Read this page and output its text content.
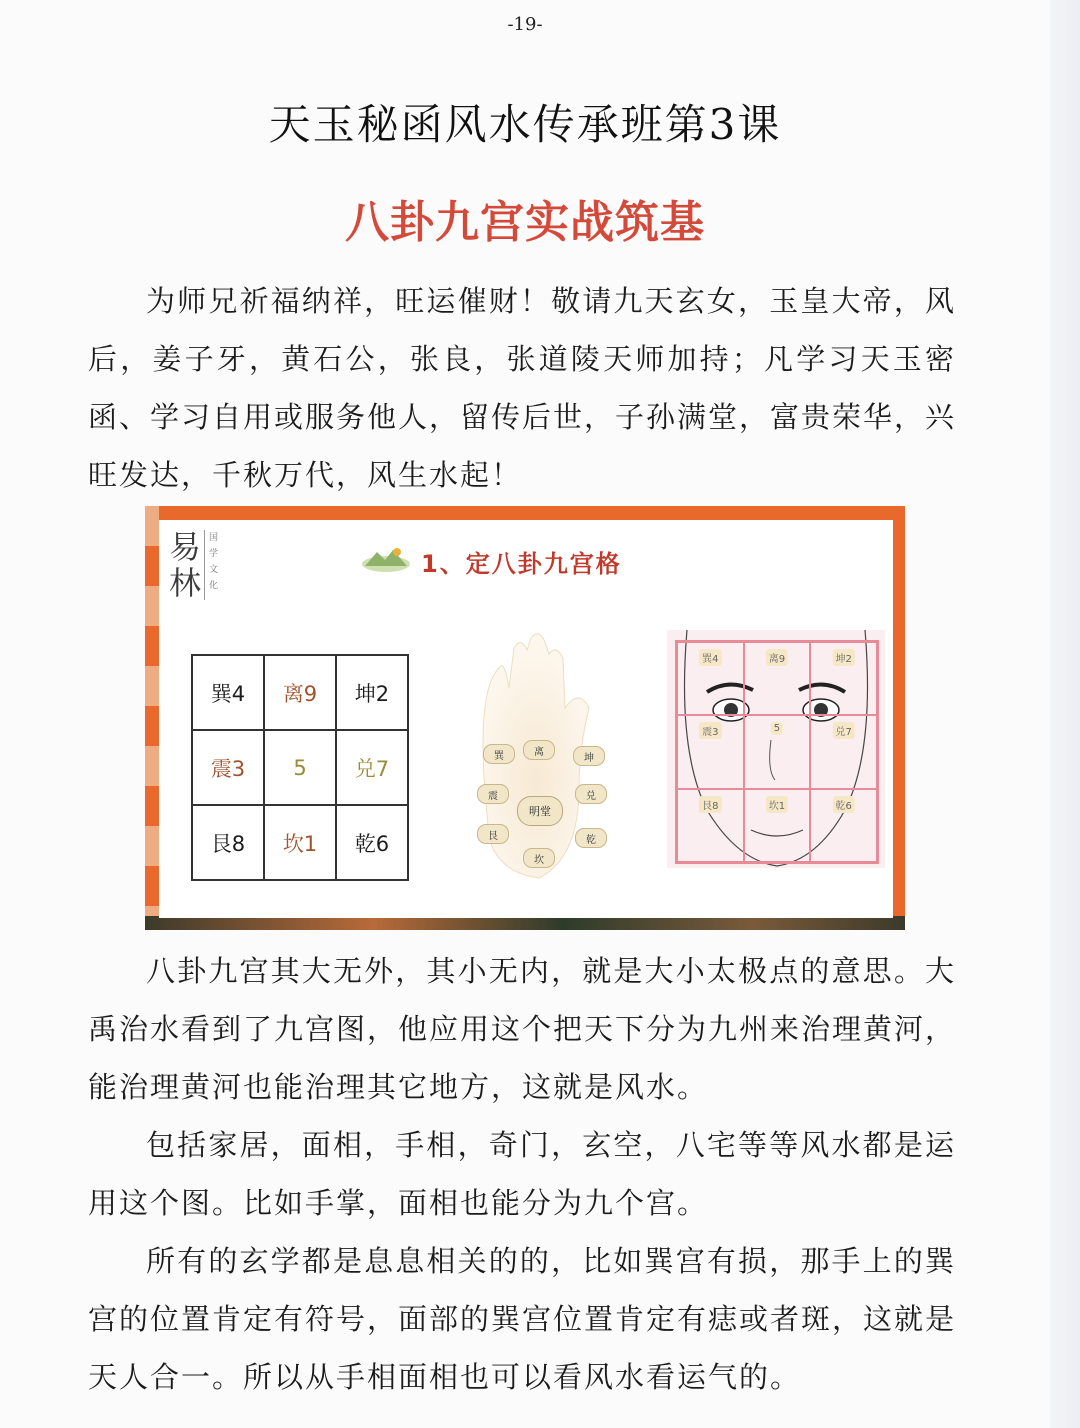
-19-
天玉秘函风水传承班第3课
八卦九宫实战筑基
为师兄祈福纳祥，旺运催财！敬请九天玄女，玉皇大帝，风后，姜子牙，黄石公，张良，张道陵天师加持；凡学习天玉密函、学习自用或服务他人，留传后世，子孙满堂，富贵荣华，兴旺发达，千秋万代，风生水起！
易
林
国学文化
1、定八卦九宫格
巽4	离9	坤2
震3	5	兑7
艮8	坎1	乾6
巽	离
坤
震
明堂
兑
艮
坎
乾
巽4	离9	坤2
震3	5	兑7
艮8	坎1	乾6
八卦九宫其大无外，其小无内，就是大小太极点的意思。大禹治水看到了九宫图，他应用这个把天下分为九州来治理黄河，能治理黄河也能治理其它地方，这就是风水。
包括家居，面相，手相，奇门，玄空，八宅等等风水都是运用这个图。比如手掌，面相也能分为九个宫。
所有的玄学都是息息相关的的，比如巽宫有损，那手上的巽宫的位置肯定有符号，面部的巽宫位置肯定有痣或者斑，这就是天人合一。所以从手相面相也可以看风水看运气的。
